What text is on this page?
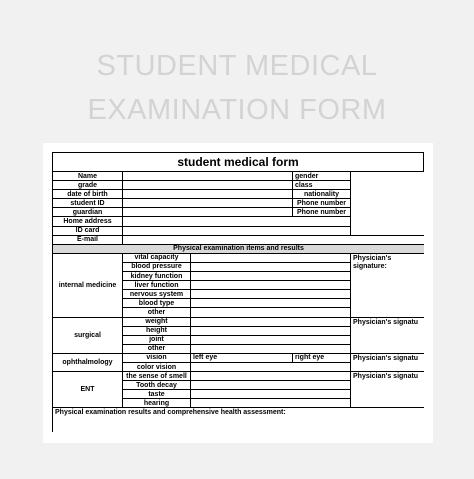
STUDENT MEDICAL
EXAMINATION FORM
student medical form
Name			gender	
grade			class	
date of birth			nationality	
student ID			Phone number	
guardian			Phone number	
Home address				
ID card				
E-mail				
Physical examination items and results				
internal medicine	vital capacity			Physician's signature:
	blood pressure			
	kidney function			
	liver function			
	nervous system			
	blood type			
	other			
surgical	weight			Physician's signatu
	height			
	joint			
	other			
ophthalmology	vision	left eye	right eye	Physician's signatu
	color vision			
ENT	the sense of smell			Physician's signatu
	Tooth decay			
	taste			
	hearing			
Physical examination results and comprehensive health assessment:				
